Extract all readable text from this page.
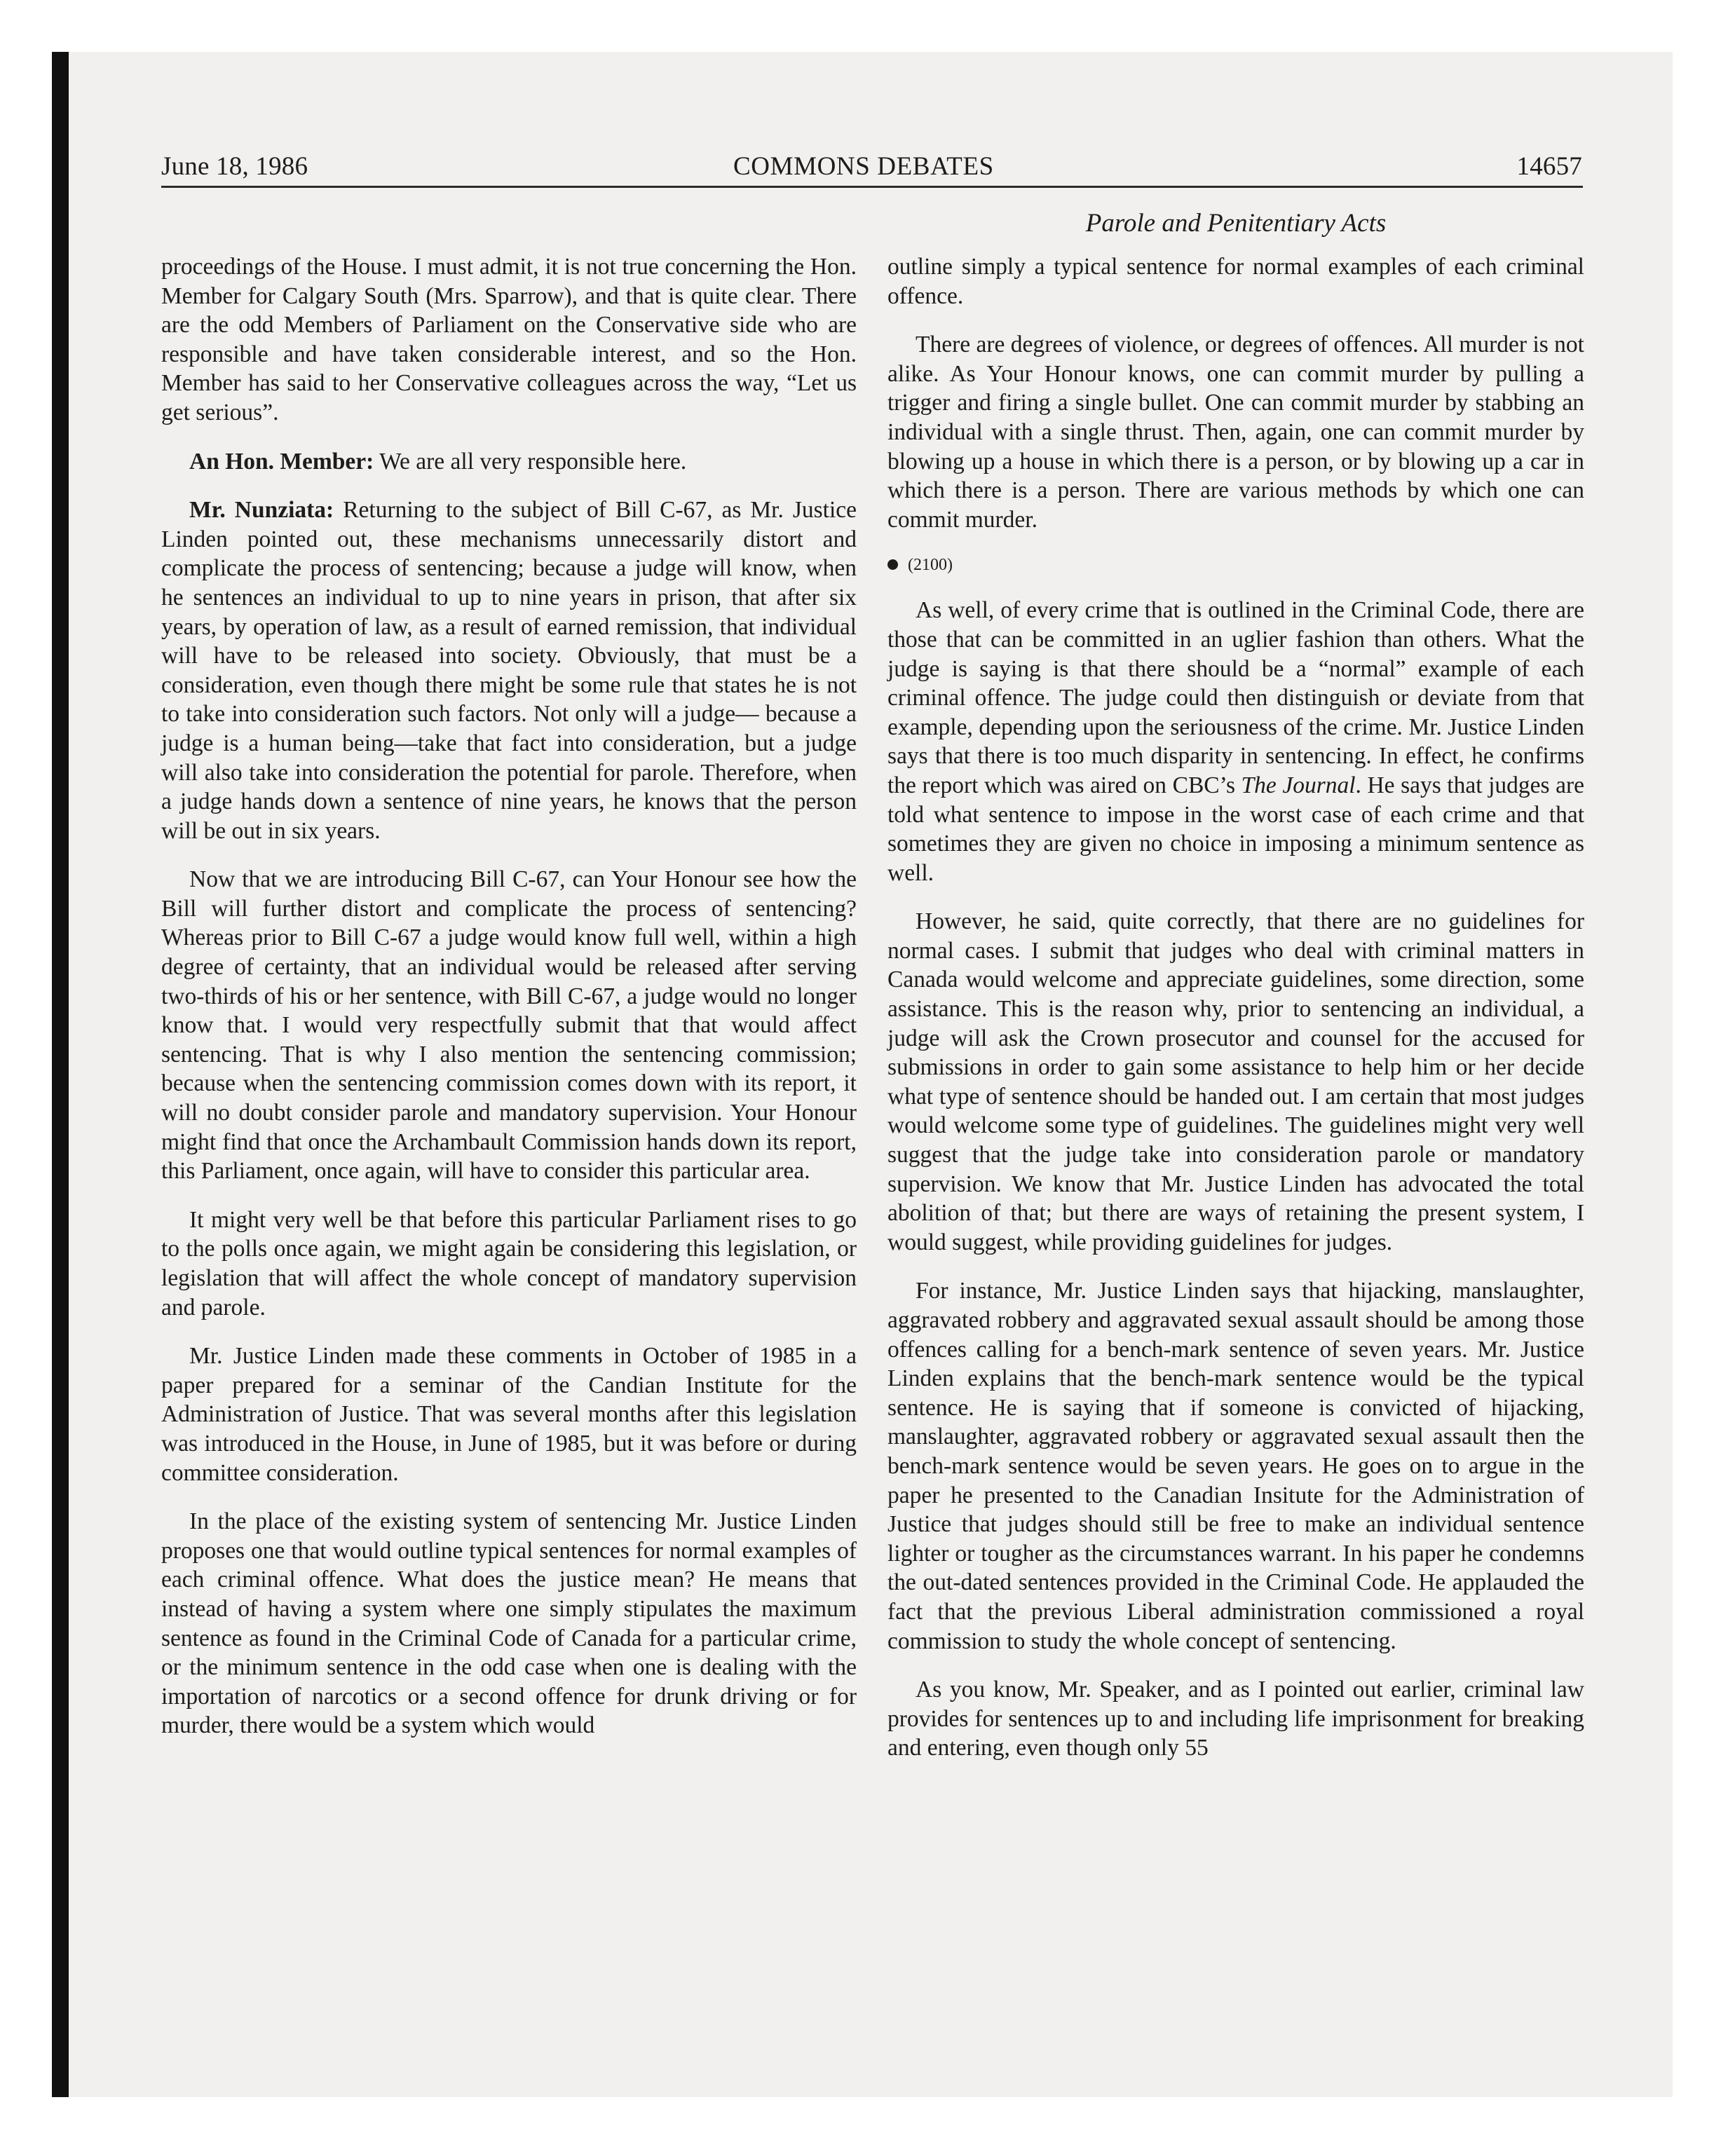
June 18, 1986	COMMONS DEBATES	14657
Parole and Penitentiary Acts

proceedings of the House. I must admit, it is not true concerning the Hon. Member for Calgary South (Mrs. Sparrow), and that is quite clear. There are the odd Members of Parliament on the Conservative side who are responsible and have taken considerable interest, and so the Hon. Member has said to her Conservative colleagues across the way, “Let us get serious”.

An Hon. Member: We are all very responsible here.

Mr. Nunziata: Returning to the subject of Bill C-67, as Mr. Justice Linden pointed out, these mechanisms unnecessarily distort and complicate the process of sentencing; because a judge will know, when he sentences an individual to up to nine years in prison, that after six years, by operation of law, as a result of earned remission, that individual will have to be released into society. Obviously, that must be a consideration, even though there might be some rule that states he is not to take into consideration such factors. Not only will a judge— because a judge is a human being—take that fact into consideration, but a judge will also take into consideration the potential for parole. Therefore, when a judge hands down a sentence of nine years, he knows that the person will be out in six years.

Now that we are introducing Bill C-67, can Your Honour see how the Bill will further distort and complicate the process of sentencing? Whereas prior to Bill C-67 a judge would know full well, within a high degree of certainty, that an individual would be released after serving two-thirds of his or her sentence, with Bill C-67, a judge would no longer know that. I would very respectfully submit that that would affect sentencing. That is why I also mention the sentencing commission; because when the sentencing commission comes down with its report, it will no doubt consider parole and mandatory supervision. Your Honour might find that once the Archambault Commission hands down its report, this Parliament, once again, will have to consider this particular area.

It might very well be that before this particular Parliament rises to go to the polls once again, we might again be considering this legislation, or legislation that will affect the whole concept of mandatory supervision and parole.

Mr. Justice Linden made these comments in October of 1985 in a paper prepared for a seminar of the Candian Institute for the Administration of Justice. That was several months after this legislation was introduced in the House, in June of 1985, but it was before or during committee consideration.

In the place of the existing system of sentencing Mr. Justice Linden proposes one that would outline typical sentences for normal examples of each criminal offence. What does the justice mean? He means that instead of having a system where one simply stipulates the maximum sentence as found in the Criminal Code of Canada for a particular crime, or the minimum sentence in the odd case when one is dealing with the importation of narcotics or a second offence for drunk driving or for murder, there would be a system which would

outline simply a typical sentence for normal examples of each criminal offence.

There are degrees of violence, or degrees of offences. All murder is not alike. As Your Honour knows, one can commit murder by pulling a trigger and firing a single bullet. One can commit murder by stabbing an individual with a single thrust. Then, again, one can commit murder by blowing up a house in which there is a person, or by blowing up a car in which there is a person. There are various methods by which one can commit murder.

(2100)

As well, of every crime that is outlined in the Criminal Code, there are those that can be committed in an uglier fashion than others. What the judge is saying is that there should be a “normal” example of each criminal offence. The judge could then distinguish or deviate from that example, depending upon the seriousness of the crime. Mr. Justice Linden says that there is too much disparity in sentencing. In effect, he confirms the report which was aired on CBC’s The Journal. He says that judges are told what sentence to impose in the worst case of each crime and that sometimes they are given no choice in imposing a minimum sentence as well.

However, he said, quite correctly, that there are no guidelines for normal cases. I submit that judges who deal with criminal matters in Canada would welcome and appreciate guidelines, some direction, some assistance. This is the reason why, prior to sentencing an individual, a judge will ask the Crown prosecutor and counsel for the accused for submissions in order to gain some assistance to help him or her decide what type of sentence should be handed out. I am certain that most judges would welcome some type of guidelines. The guidelines might very well suggest that the judge take into consideration parole or mandatory supervision. We know that Mr. Justice Linden has advocated the total abolition of that; but there are ways of retaining the present system, I would suggest, while providing guidelines for judges.

For instance, Mr. Justice Linden says that hijacking, manslaughter, aggravated robbery and aggravated sexual assault should be among those offences calling for a bench-mark sentence of seven years. Mr. Justice Linden explains that the bench-mark sentence would be the typical sentence. He is saying that if someone is convicted of hijacking, manslaughter, aggravated robbery or aggravated sexual assault then the bench-mark sentence would be seven years. He goes on to argue in the paper he presented to the Canadian Insitute for the Administration of Justice that judges should still be free to make an individual sentence lighter or tougher as the circumstances warrant. In his paper he condemns the out-dated sentences provided in the Criminal Code. He applauded the fact that the previous Liberal administration commissioned a royal commission to study the whole concept of sentencing.

As you know, Mr. Speaker, and as I pointed out earlier, criminal law provides for sentences up to and including life imprisonment for breaking and entering, even though only 55
